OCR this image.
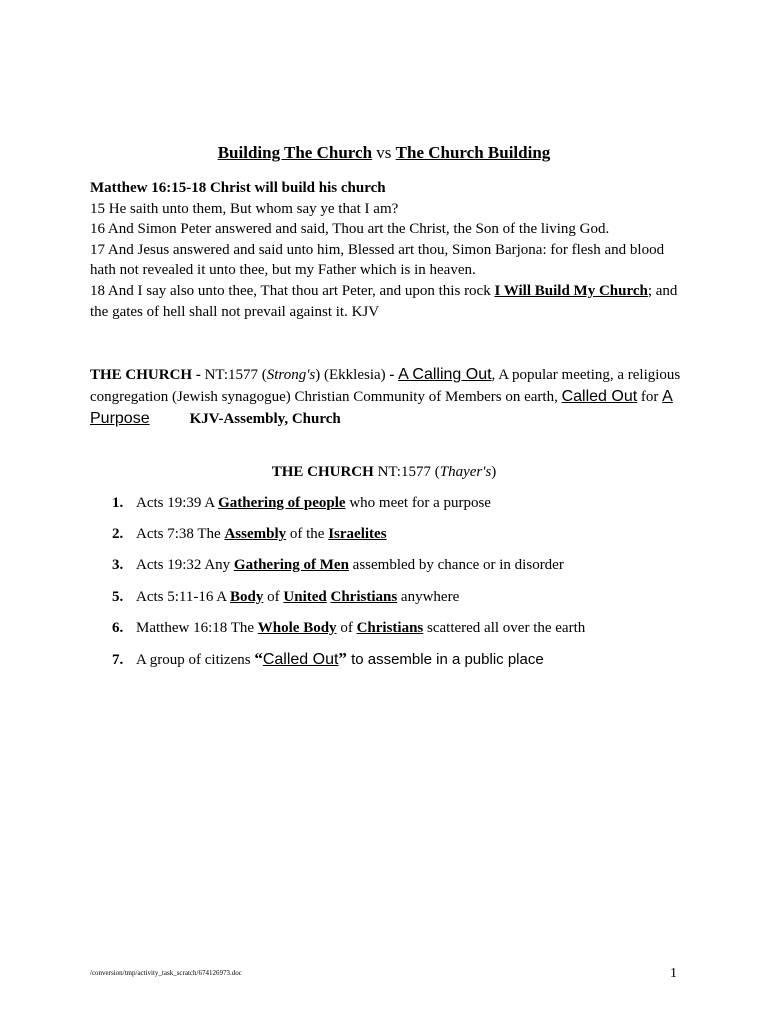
Building The Church vs The Church Building
Matthew 16:15-18 Christ will build his church
15 He saith unto them, But whom say ye that I am?
16 And Simon Peter answered and said, Thou art the Christ, the Son of the living God.
17 And Jesus answered and said unto him, Blessed art thou, Simon Barjona: for flesh and blood hath not revealed it unto thee, but my Father which is in heaven.
18 And I say also unto thee, That thou art Peter, and upon this rock I Will Build My Church; and the gates of hell shall not prevail against it. KJV
THE CHURCH - NT:1577 (Strong's) (Ekklesia) - A Calling Out, A popular meeting, a religious congregation (Jewish synagogue) Christian Community of Members on earth, Called Out for A Purpose	KJV-Assembly, Church
THE CHURCH NT:1577 (Thayer's)
1. Acts 19:39 A Gathering of people who meet for a purpose
2. Acts 7:38 The Assembly of the Israelites
3. Acts 19:32 Any Gathering of Men assembled by chance or in disorder
5. Acts 5:11-16 A Body of United Christians anywhere
6. Matthew 16:18 The Whole Body of Christians scattered all over the earth
7. A group of citizens “Called Out” to assemble in a public place
/conversion/tmp/activity_task_scratch/674126973.doc	1
